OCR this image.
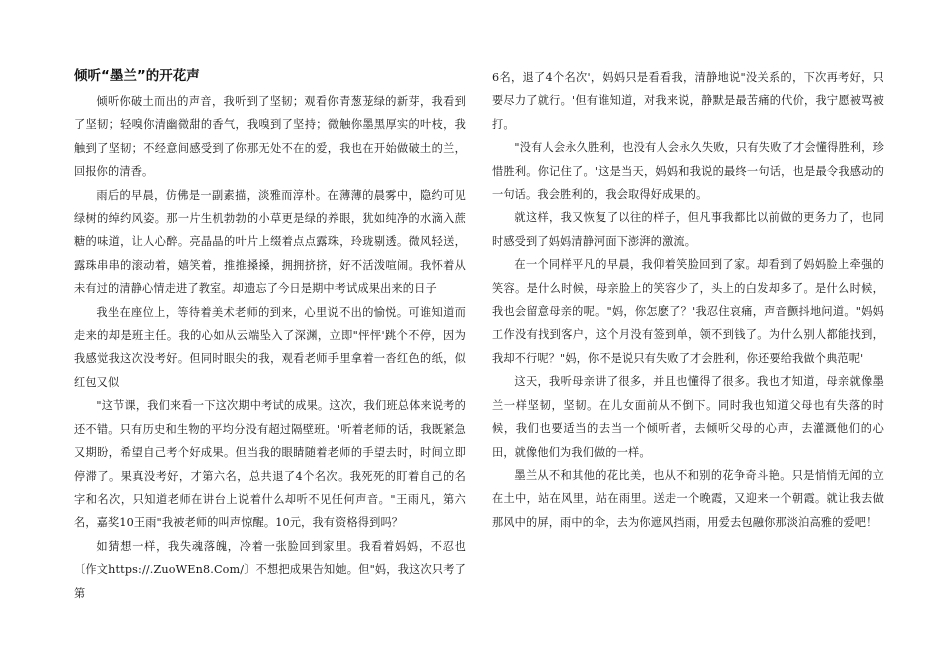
倾听“墨兰”的开花声

倾听你破土而出的声音，我听到了坚韧；观看你青葱茏绿的新芽，我看到了坚韧；轻嗅你清幽微甜的香气，我嗅到了坚持；微触你墨黑厚实的叶枝，我触到了坚韧；不经意间感受到了你那无处不在的爱，我也在开始做破土的兰，回报你的清香。

雨后的早晨，仿佛是一副素描，淡雅而淳朴。在薄薄的晨雾中，隐约可见绿树的绰约风姿。那一片生机勃勃的小草更是绿的养眼，犹如纯净的水滴入蔗糖的味道，让人心醉。亮晶晶的叶片上缀着点点露珠，玲珑剔透。微风轻送，露珠串串的滚动着，嬉笑着，推推搡搡，拥拥挤挤，好不活泼喧闹。我怀着从未有过的清静心情走进了教室。却遗忘了今日是期中考试成果出来的日子

我坐在座位上，等待着美术老师的到来，心里说不出的愉悦。可谁知道而走来的却是班主任。我的心如从云端坠入了深渊，立即"怦怦'跳个不停，因为我感觉我这次没考好。但同时眼尖的我，观看老师手里拿着一沓红色的纸，似红包又似

"这节课，我们来看一下这次期中考试的成果。这次，我们班总体来说考的还不错。只有历史和生物的平均分没有超过隔壁班。'听着老师的话，我既紧急又期盼，希望自己考个好成果。但当我的眼睛随着老师的手望去时，时间立即停滞了。果真没考好，才第六名，总共退了4个名次。我死死的盯着自己的名字和名次，只知道老师在讲台上说着什么却听不见任何声音。"王雨凡，第六名，嘉奖10王雨"我被老师的叫声惊醒。10元，我有资格得到吗？

如猜想一样，我失魂落魄，冷着一张脸回到家里。我看着妈妈，不忍也〔作文https://.ZuoWEn8.Com/〕不想把成果告知她。但"妈，我这次只考了第

6名，退了4个名次'，妈妈只是看看我，清静地说"没关系的，下次再考好，只要尽力了就行。'但有谁知道，对我来说，静默是最苦痛的代价，我宁愿被骂被打。

"没有人会永久胜利，也没有人会永久失败，只有失败了才会懂得胜利，珍惜胜利。你记住了。'这是当天，妈妈和我说的最终一句话，也是最令我感动的一句话。我会胜利的，我会取得好成果的。

就这样，我又恢复了以往的样子，但凡事我都比以前做的更务力了，也同时感受到了妈妈清静河面下澎湃的激流。

在一个同样平凡的早晨，我仰着笑脸回到了家。却看到了妈妈脸上牵强的笑容。是什么时候，母亲脸上的笑容少了，头上的白发却多了。是什么时候，我也会留意母亲的呢。"妈，你怎麽了？'我忍住哀痛，声音颤抖地问道。"妈妈工作没有找到客户，这个月没有签到单，领不到钱了。为什么别人都能找到，我却不行呢？"妈，你不是说只有失败了才会胜利，你还要给我做个典范呢'

这天，我听母亲讲了很多，并且也懂得了很多。我也才知道，母亲就像墨兰一样坚韧，坚韧。在儿女面前从不倒下。同时我也知道父母也有失落的时候，我们也要适当的去当一个倾听者，去倾听父母的心声，去灌溉他们的心田，就像他们为我们做的一样。

墨兰从不和其他的花比美，也从不和别的花争奇斗艳。只是悄悄无闻的立在土中，站在风里，站在雨里。送走一个晚霞，又迎来一个朝霞。就让我去做那风中的屏，雨中的伞，去为你遮风挡雨，用爱去包融你那淡泊高雅的爱吧！
